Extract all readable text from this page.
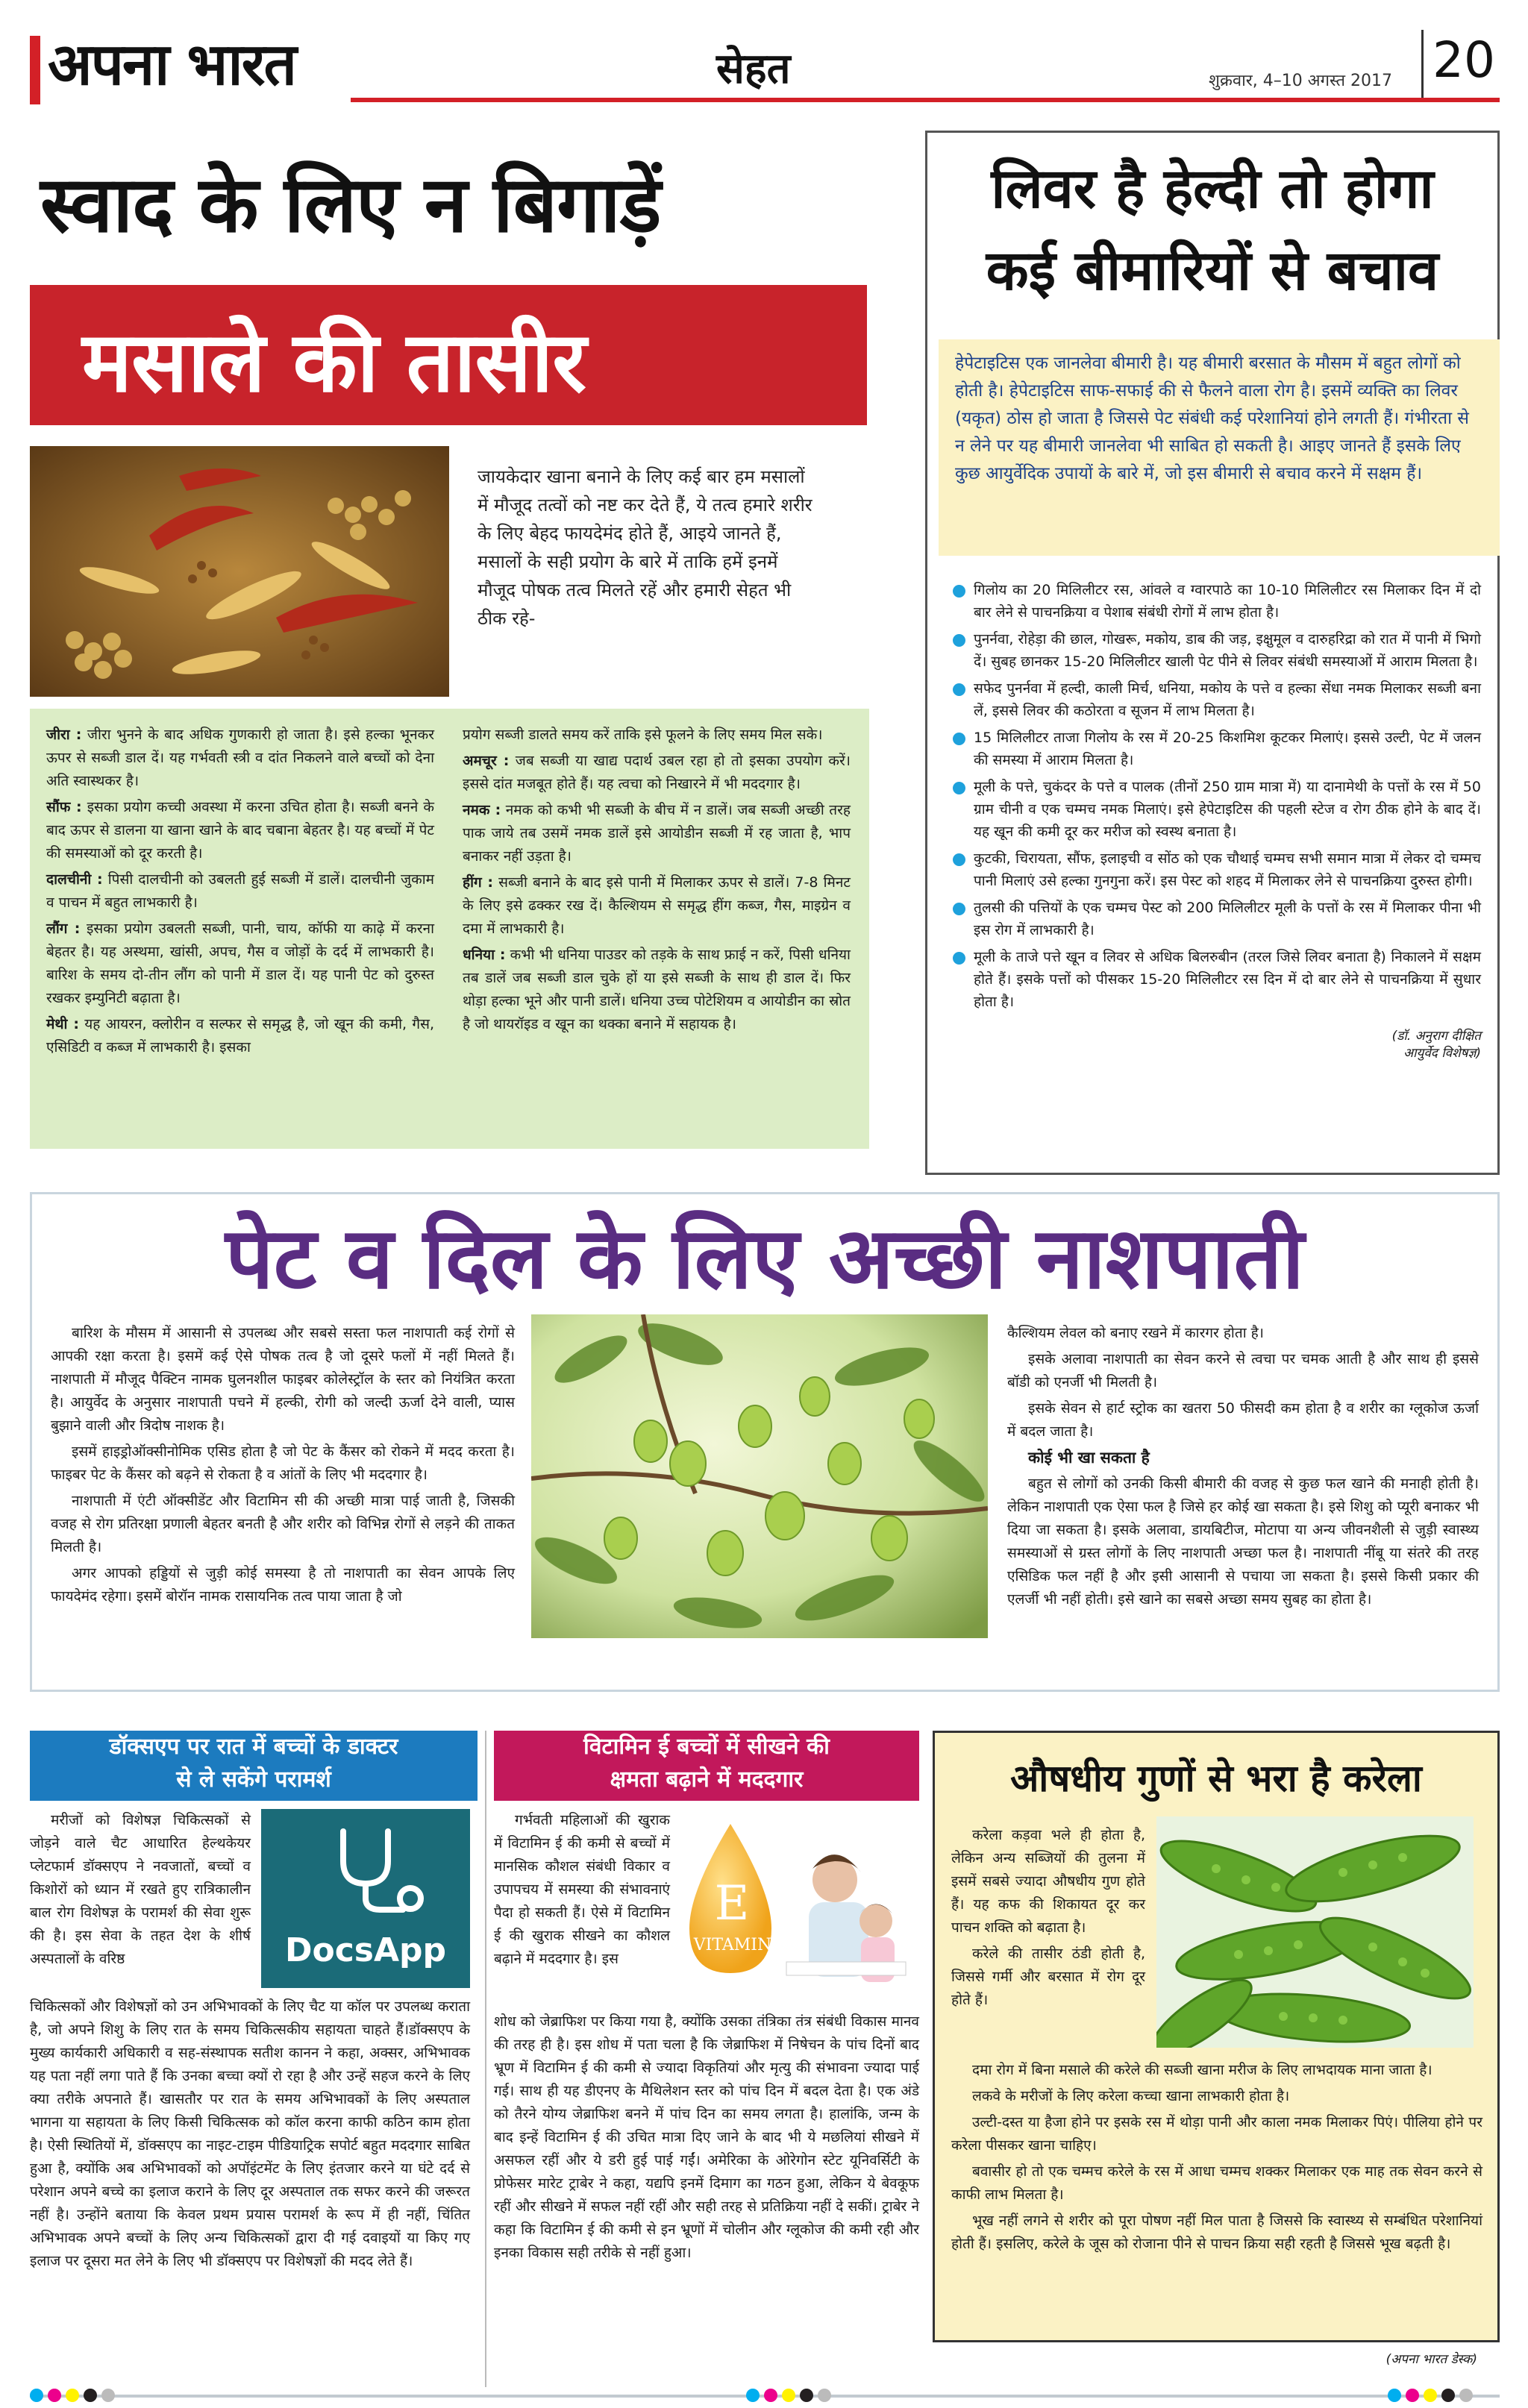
अपना भारत	सेहत	शुक्रवार, 4–10 अगस्त 2017 20
स्वाद के लिए न बिगाड़ें
मसाले की तासीर
जायकेदार खाना बनाने के लिए कई बार हम मसालों में मौजूद तत्वों को नष्ट कर देते हैं, ये तत्व हमारे शरीर के लिए बेहद फायदेमंद होते हैं, आइये जानते हैं, मसालों के सही प्रयोग के बारे में ताकि हमें इनमें मौजूद पोषक तत्व मिलते रहें और हमारी सेहत भी ठीक रहे-

जीरा : जीरा भुनने के बाद अधिक गुणकारी हो जाता है। इसे हल्का भूनकर ऊपर से सब्जी डाल दें। यह गर्भवती स्त्री व दांत निकलने वाले बच्चों को देना अति स्वास्थकर है।

सौंफ : इसका प्रयोग कच्ची अवस्था में करना उचित होता है। सब्जी बनने के बाद ऊपर से डालना या खाना खाने के बाद चबाना बेहतर है। यह बच्चों में पेट की समस्याओं को दूर करती है।

दालचीनी : पिसी दालचीनी को उबलती हुई सब्जी में डालें। दालचीनी जुकाम व पाचन में बहुत लाभकारी है।

लौंग : इसका प्रयोग उबलती सब्जी, पानी, चाय, कॉफी या काढ़े में करना बेहतर है। यह अस्थमा, खांसी, अपच, गैस व जोड़ों के दर्द में लाभकारी है। बारिश के समय दो-तीन लौंग को पानी में डाल दें। यह पानी पेट को दुरुस्त रखकर इम्युनिटी बढ़ाता है।

मेथी : यह आयरन, क्लोरीन व सल्फर से समृद्ध है, जो खून की कमी, गैस, एसिडिटी व कब्ज में लाभकारी है। इसका

प्रयोग सब्जी डालते समय करें ताकि इसे फूलने के लिए समय मिल सके।

अमचूर : जब सब्जी या खाद्य पदार्थ उबल रहा हो तो इसका उपयोग करें। इससे दांत मजबूत होते हैं। यह त्वचा को निखारने में भी मददगार है।

नमक : नमक को कभी भी सब्जी के बीच में न डालें। जब सब्जी अच्छी तरह पाक जाये तब उसमें नमक डालें इसे आयोडीन सब्जी में रह जाता है, भाप बनाकर नहीं उड़ता है।

हींग : सब्जी बनाने के बाद इसे पानी में मिलाकर ऊपर से डालें। 7-8 मिनट के लिए इसे ढक्कर रख दें। कैल्शियम से समृद्ध हींग कब्ज, गैस, माइग्रेन व दमा में लाभकारी है।

धनिया : कभी भी धनिया पाउडर को तड़के के साथ फ्राई न करें, पिसी धनिया तब डालें जब सब्जी डाल चुके हों या इसे सब्जी के साथ ही डाल दें। फिर थोड़ा हल्का भूने और पानी डालें। धनिया उच्च पोटेशियम व आयोडीन का स्रोत है जो थायरॉइड व खून का थक्का बनाने में सहायक है।

लिवर है हेल्दी तो होगा
कई बीमारियों से बचाव
हेपेटाइटिस एक जानलेवा बीमारी है। यह बीमारी बरसात के मौसम में बहुत लोगों को होती है। हेपेटाइटिस साफ-सफाई की से फैलने वाला रोग है। इसमें व्यक्ति का लिवर (यकृत) ठोस हो जाता है जिससे पेट संबंधी कई परेशानियां होने लगती हैं। गंभीरता से न लेने पर यह बीमारी जानलेवा भी साबित हो सकती है। आइए जानते हैं इसके लिए कुछ आयुर्वेदिक उपायों के बारे में, जो इस बीमारी से बचाव करने में सक्षम हैं।
गिलोय का 20 मिलिलीटर रस, आंवले व ग्वारपाठे का 10-10 मिलिलीटर रस मिलाकर दिन में दो बार लेने से पाचनक्रिया व पेशाब संबंधी रोगों में लाभ होता है।
पुनर्नवा, रोहेड़ा की छाल, गोखरू, मकोय, डाब की जड़, इक्षुमूल व दारुहरिद्रा को रात में पानी में भिगो दें। सुबह छानकर 15-20 मिलिलीटर खाली पेट पीने से लिवर संबंधी समस्याओं में आराम मिलता है।
सफेद पुनर्नवा में हल्दी, काली मिर्च, धनिया, मकोय के पत्ते व हल्का सेंधा नमक मिलाकर सब्जी बना लें, इससे लिवर की कठोरता व सूजन में लाभ मिलता है।
15 मिलिलीटर ताजा गिलोय के रस में 20-25 किशमिश कूटकर मिलाएं। इससे उल्टी, पेट में जलन की समस्या में आराम मिलता है।
मूली के पत्ते, चुकंदर के पत्ते व पालक (तीनों 250 ग्राम मात्रा में) या दानामेथी के पत्तों के रस में 50 ग्राम चीनी व एक चम्मच नमक मिलाएं। इसे हेपेटाइटिस की पहली स्टेज व रोग ठीक होने के बाद दें। यह खून की कमी दूर कर मरीज को स्वस्थ बनाता है।
कुटकी, चिरायता, सौंफ, इलाइची व सोंठ को एक चौथाई चम्मच सभी समान मात्रा में लेकर दो चम्मच पानी मिलाएं उसे हल्का गुनगुना करें। इस पेस्ट को शहद में मिलाकर लेने से पाचनक्रिया दुरुस्त होगी।
तुलसी की पत्तियों के एक चम्मच पेस्ट को 200 मिलिलीटर मूली के पत्तों के रस में मिलाकर पीना भी इस रोग में लाभकारी है।
मूली के ताजे पत्ते खून व लिवर से अधिक बिलरुबीन (तरल जिसे लिवर बनाता है) निकालने में सक्षम होते हैं। इसके पत्तों को पीसकर 15-20 मिलिलीटर रस दिन में दो बार लेने से पाचनक्रिया में सुधार होता है।
(डॉ. अनुराग दीक्षित
आयुर्वेद विशेषज्ञ)
पेट व दिल के लिए अच्छी नाशपाती

बारिश के मौसम में आसानी से उपलब्ध और सबसे सस्ता फल नाशपाती कई रोगों से आपकी रक्षा करता है। इसमें कई ऐसे पोषक तत्व है जो दूसरे फलों में नहीं मिलते हैं। नाशपाती में मौजूद पैक्टिन नामक घुलनशील फाइबर कोलेस्ट्रॉल के स्तर को नियंत्रित करता है। आयुर्वेद के अनुसार नाशपाती पचने में हल्की, रोगी को जल्दी ऊर्जा देने वाली, प्यास बुझाने वाली और त्रिदोष नाशक है।

इसमें हाइड्रोऑक्सीनोमिक एसिड होता है जो पेट के कैंसर को रोकने में मदद करता है। फाइबर पेट के कैंसर को बढ़ने से रोकता है व आंतों के लिए भी मददगार है।

नाशपाती में एंटी ऑक्सीडेंट और विटामिन सी की अच्छी मात्रा पाई जाती है, जिसकी वजह से रोग प्रतिरक्षा प्रणाली बेहतर बनती है और शरीर को विभिन्न रोगों से लड़ने की ताकत मिलती है।

अगर आपको हड्डियों से जुड़ी कोई समस्या है तो नाशपाती का सेवन आपके लिए फायदेमंद रहेगा। इसमें बोरॉन नामक रासायनिक तत्व पाया जाता है जो

कैल्शियम लेवल को बनाए रखने में कारगर होता है।

इसके अलावा नाशपाती का सेवन करने से त्वचा पर चमक आती है और साथ ही इससे बॉडी को एनर्जी भी मिलती है।

इसके सेवन से हार्ट स्ट्रोक का खतरा 50 फीसदी कम होता है व शरीर का ग्लूकोज ऊर्जा में बदल जाता है।

कोई भी खा सकता है

बहुत से लोगों को उनकी किसी बीमारी की वजह से कुछ फल खाने की मनाही होती है। लेकिन नाशपाती एक ऐसा फल है जिसे हर कोई खा सकता है। इसे शिशु को प्यूरी बनाकर भी दिया जा सकता है। इसके अलावा, डायबिटीज, मोटापा या अन्य जीवनशैली से जुड़ी स्वास्थ्य समस्याओं से ग्रस्त लोगों के लिए नाशपाती अच्छा फल है। नाशपाती नींबू या संतरे की तरह एसिडिक फल नहीं है और इसी आसानी से पचाया जा सकता है। इससे किसी प्रकार की एलर्जी भी नहीं होती। इसे खाने का सबसे अच्छा समय सुबह का होता है।

डॉक्सएप पर रात में बच्चों के डाक्टर
से ले सकेंगे परामर्श
DocsApp
मरीजों को विशेषज्ञ चिकित्सकों से जोड़ने वाले चैट आधारित हेल्थकेयर प्लेटफार्म डॉक्सएप ने नवजातों, बच्चों व किशोरों को ध्यान में रखते हुए रात्रिकालीन बाल रोग विशेषज्ञ के परामर्श की सेवा शुरू की है। इस सेवा के तहत देश के शीर्ष अस्पतालों के वरिष्ठ
चिकित्सकों और विशेषज्ञों को उन अभिभावकों के लिए चैट या कॉल पर उपलब्ध कराता है, जो अपने शिशु के लिए रात के समय चिकित्सकीय सहायता चाहते हैं।डॉक्सएप के मुख्य कार्यकारी अधिकारी व सह-संस्थापक सतीश कानन ने कहा, अक्सर, अभिभावक यह पता नहीं लगा पाते हैं कि उनका बच्चा क्यों रो रहा है और उन्हें सहज करने के लिए क्‍या तरीके अपनाते हैं। खासतौर पर रात के समय अभिभावकों के लिए अस्पताल भागना या सहायता के लिए किसी चिकित्सक को कॉल करना काफी कठिन काम होता है। ऐसी स्थितियों में, डॉक्सएप का नाइट-टाइम पीडियाट्रिक सपोर्ट बहुत मददगार साबित हुआ है, क्योंकि अब अभिभावकों को अपॉइंटमेंट के लिए इंतजार करने या घंटे दर्द से परेशान अपने बच्चे का इलाज कराने के लिए दूर अस्पताल तक सफर करने की जरूरत नहीं है। उन्होंने बताया कि केवल प्रथम प्रयास परामर्श के रूप में ही नहीं, चिंतित अभिभावक अपने बच्चों के लिए अन्य चिकित्सकों द्वारा दी गई दवाइयों या किए गए इलाज पर दूसरा मत लेने के लिए भी डॉक्सएप पर विशेषज्ञों की मदद लेते हैं।
विटामिन ई बच्चों में सीखने की
क्षमता बढ़ाने में मददगार
गर्भवती महिलाओं की खुराक में विटामिन ई की कमी से बच्चों में मानसिक कौशल संबंधी विकार व उपापचय में समस्या की संभावनाएं पैदा हो सकती हैं। ऐसे में विटामिन ई की खुराक सीखने का कौशल बढ़ाने में मददगार है। इस
E
VITAMIN
शोध को जेब्राफिश पर किया गया है, क्योंकि उसका तंत्रिका तंत्र संबंधी विकास मानव की तरह ही है। इस शोध में पता चला है कि जेब्राफिश में निषेचन के पांच दिनों बाद भ्रूण में विटामिन ई की कमी से ज्यादा विकृतियां और मृत्यु की संभावना ज्यादा पाई गई। साथ ही यह डीएनए के मैथिलेशन स्तर को पांच दिन में बदल देता है। एक अंडे को तैरने योग्य जेब्राफिश बनने में पांच दिन का समय लगता है। हालांकि, जन्म के बाद इन्हें विटामिन ई की उचित मात्रा दिए जाने के बाद भी ये मछलियां सीखने में असफल रहीं और ये डरी हुई पाई गईं। अमेरिका के ओरेगोन स्टेट यूनिवर्सिटी के प्रोफेसर मारेट ट्राबेर ने कहा, यद्यपि इनमें दिमाग का गठन हुआ, लेकिन ये बेवकूफ रहीं और सीखने में सफल नहीं रहीं और सही तरह से प्रतिक्रिया नहीं दे सकीं। ट्राबेर ने कहा कि विटामिन ई की कमी से इन भ्रूणों में चोलीन और ग्लूकोज की कमी रही और इनका विकास सही तरीके से नहीं हुआ।
औषधीय गुणों से भरा है करेला

करेला कड़वा भले ही होता है, लेकिन अन्य सब्जियों की तुलना में इसमें सबसे ज्यादा औषधीय गुण होते हैं। यह कफ की शिकायत दूर कर पाचन शक्ति को बढ़ाता है।

करेले की तासीर ठंडी होती है, जिससे गर्मी और बरसात में रोग दूर होते हैं।

दमा रोग में बिना मसाले की करेले की सब्जी खाना मरीज के लिए लाभदायक माना जाता है।

लकवे के मरीजों के लिए करेला कच्चा खाना लाभकारी होता है।

उल्टी-दस्त या हैजा होने पर इसके रस में थोड़ा पानी और काला नमक मिलाकर पिएं। पीलिया होने पर करेला पीसकर खाना चाहिए।

बवासीर हो तो एक चम्मच करेले के रस में आधा चम्मच शक्कर मिलाकर एक माह तक सेवन करने से काफी लाभ मिलता है।

भूख नहीं लगने से शरीर को पूरा पोषण नहीं मिल पाता है जिससे कि स्वास्थ्य से सम्बंधित परेशानियां होती हैं। इसलिए, करेले के जूस को रोजाना पीने से पाचन क्रिया सही रहती है जिससे भूख बढ़ती है।

(अपना भारत डेस्क)
